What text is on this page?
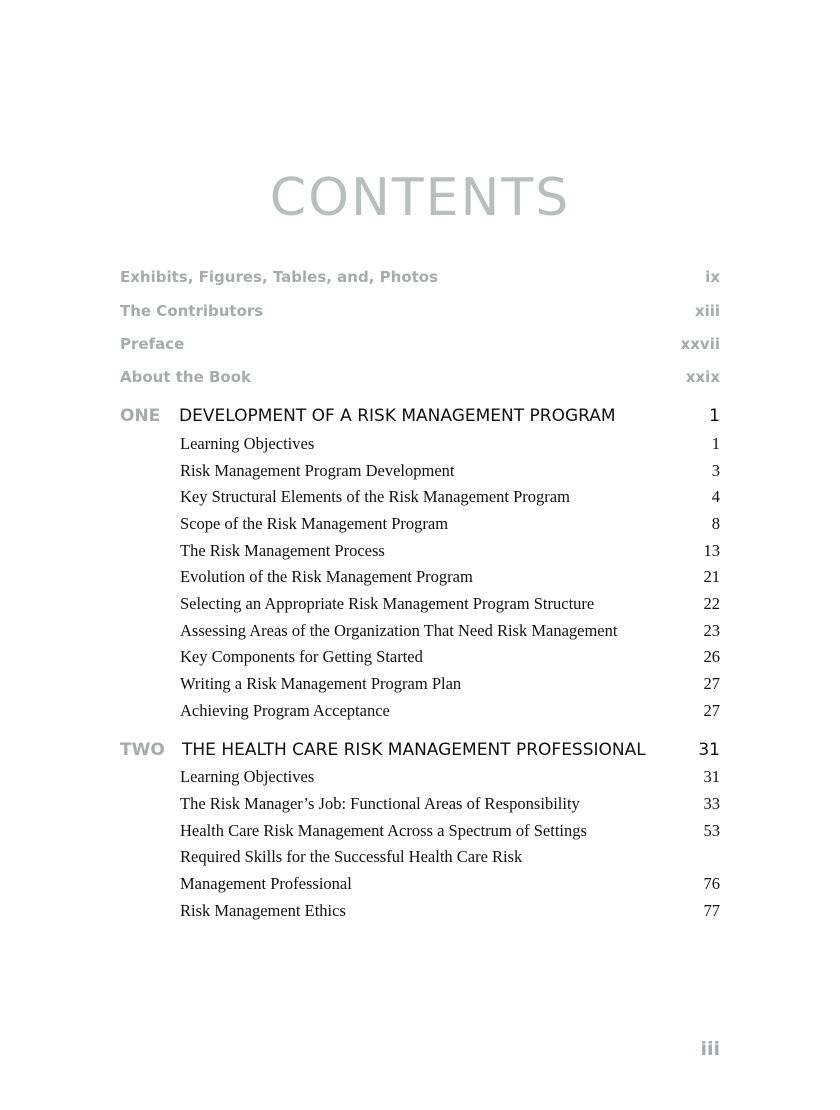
CONTENTS
Exhibits, Figures, Tables, and, Photos	ix
The Contributors	xiii
Preface	xxvii
About the Book	xxix
ONE DEVELOPMENT OF A RISK MANAGEMENT PROGRAM	1
Learning Objectives	1
Risk Management Program Development	3
Key Structural Elements of the Risk Management Program	4
Scope of the Risk Management Program	8
The Risk Management Process	13
Evolution of the Risk Management Program	21
Selecting an Appropriate Risk Management Program Structure	22
Assessing Areas of the Organization That Need Risk Management	23
Key Components for Getting Started	26
Writing a Risk Management Program Plan	27
Achieving Program Acceptance	27
TWO THE HEALTH CARE RISK MANAGEMENT PROFESSIONAL	31
Learning Objectives	31
The Risk Manager’s Job: Functional Areas of Responsibility	33
Health Care Risk Management Across a Spectrum of Settings	53
Required Skills for the Successful Health Care Risk
Management Professional	76
Risk Management Ethics	77
iii
